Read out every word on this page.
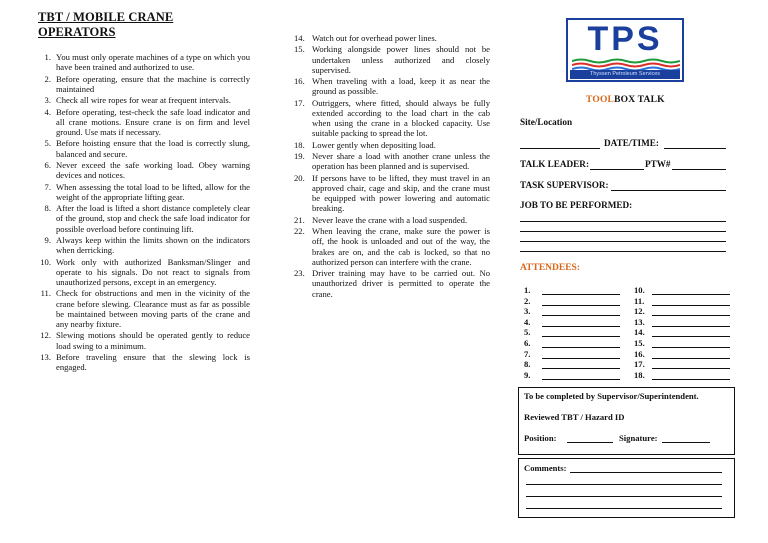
TBT / MOBILE CRANE OPERATORS
1. You must only operate machines of a type on which you have been trained and authorized to use.
2. Before operating, ensure that the machine is correctly maintained
3. Check all wire ropes for wear at frequent intervals.
4. Before operating, test-check the safe load indicator and all crane motions. Ensure crane is on firm and level ground. Use mats if necessary.
5. Before hoisting ensure that the load is correctly slung, balanced and secure.
6. Never exceed the safe working load. Obey warning devices and notices.
7. When assessing the total load to be lifted, allow for the weight of the appropriate lifting gear.
8. After the load is lifted a short distance completely clear of the ground, stop and check the safe load indicator for possible overload before continuing lift.
9. Always keep within the limits shown on the indicators when derricking.
10. Work only with authorized Banksman/Slinger and operate to his signals. Do not react to signals from unauthorized persons, except in an emergency.
11. Check for obstructions and men in the vicinity of the crane before slewing. Clearance must as far as possible be maintained between moving parts of the crane and any nearby fixture.
12. Slewing motions should be operated gently to reduce load swing to a minimum.
13. Before traveling ensure that the slewing lock is engaged.
14. Watch out for overhead power lines.
15. Working alongside power lines should not be undertaken unless authorized and closely supervised.
16. When traveling with a load, keep it as near the ground as possible.
17. Outriggers, where fitted, should always be fully extended according to the load chart in the cab when using the crane in a blocked capacity. Use suitable packing to spread the lot.
18. Lower gently when depositing load.
19. Never share a load with another crane unless the operation has been planned and is supervised.
20. If persons have to be lifted, they must travel in an approved chair, cage and skip, and the crane must be equipped with power lowering and automatic breaking.
21. Never leave the crane with a load suspended.
22. When leaving the crane, make sure the power is off, the hook is unloaded and out of the way, the brakes are on, and the cab is locked, so that no authorized person can interfere with the crane.
23. Driver training may have to be carried out. No unauthorized driver is permitted to operate the crane.
TPS
Thyssen Petroleum Services
TOOLBOX TALK
Site/Location
DATE/TIME:
TALK LEADER:	PTW#
TASK SUPERVISOR:
JOB TO BE PERFORMED:
ATTENDEES:
1.
2.
3.
4.
5.
6.
7.
8.
9.
10.
11.
12.
13.
14.
15.
16.
17.
18.
To be completed by Supervisor/Superintendent.
Reviewed TBT / Hazard ID
Position:	Signature:
Comments:
